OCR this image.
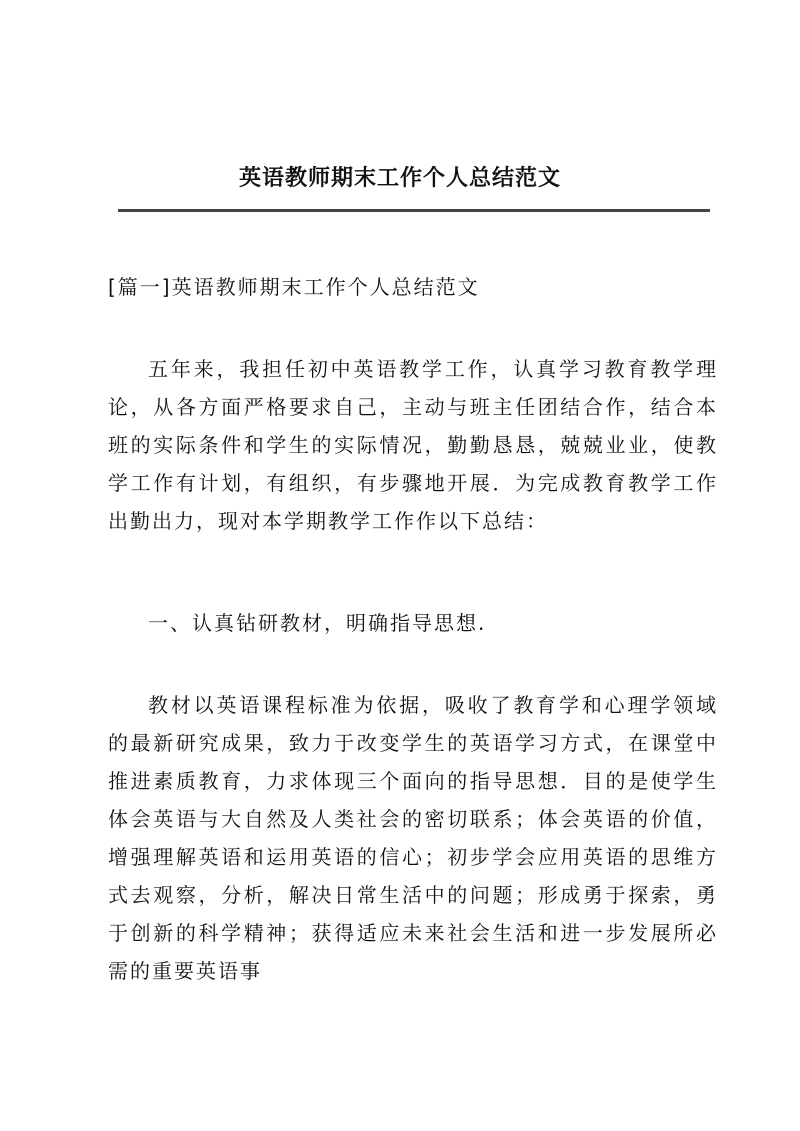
英语教师期末工作个人总结范文
[篇一]英语教师期末工作个人总结范文

五年来，我担任初中英语教学工作，认真学习教育教学理论，从各方面严格要求自己，主动与班主任团结合作，结合本班的实际条件和学生的实际情况，勤勤恳恳，兢兢业业，使教学工作有计划，有组织，有步骤地开展．为完成教育教学工作出勤出力，现对本学期教学工作作以下总结：

一、认真钻研教材，明确指导思想.

教材以英语课程标准为依据，吸收了教育学和心理学领域的最新研究成果，致力于改变学生的英语学习方式，在课堂中推进素质教育，力求体现三个面向的指导思想．目的是使学生体会英语与大自然及人类社会的密切联系；体会英语的价值，增强理解英语和运用英语的信心；初步学会应用英语的思维方式去观察，分析，解决日常生活中的问题；形成勇于探索，勇于创新的科学精神；获得适应未来社会生活和进一步发展所必需的重要英语事
